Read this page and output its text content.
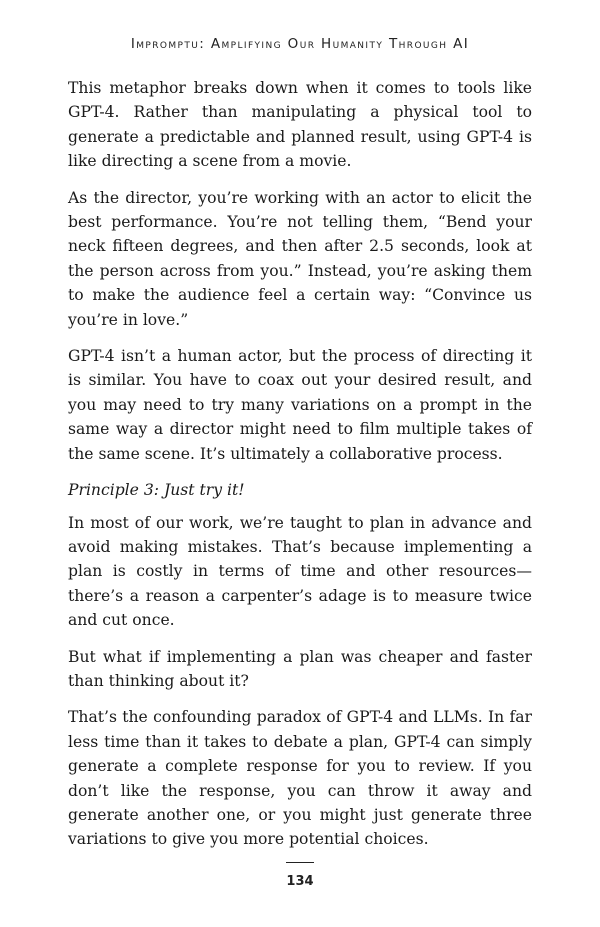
Impromptu: Amplifying Our Humanity Through AI

This metaphor breaks down when it comes to tools like GPT-4. Rather than manipulating a physical tool to generate a predictable and planned result, using GPT-4 is like directing a scene from a movie.

As the director, you’re working with an actor to elicit the best performance. You’re not telling them, “Bend your neck fifteen degrees, and then after 2.5 seconds, look at the person across from you.” Instead, you’re asking them to make the audience feel a certain way: “Convince us you’re in love.”

GPT-4 isn’t a human actor, but the process of directing it is similar. You have to coax out your desired result, and you may need to try many variations on a prompt in the same way a director might need to film multiple takes of the same scene. It’s ultimately a collaborative process.

Principle 3: Just try it!

In most of our work, we’re taught to plan in advance and avoid making mistakes. That’s because implementing a plan is costly in terms of time and other resources—there’s a reason a carpenter’s adage is to measure twice and cut once.

But what if implementing a plan was cheaper and faster than thinking about it?

That’s the confounding paradox of GPT-4 and LLMs. In far less time than it takes to debate a plan, GPT-4 can simply generate a complete response for you to review. If you don’t like the response, you can throw it away and generate another one, or you might just generate three variations to give you more potential choices.

134
